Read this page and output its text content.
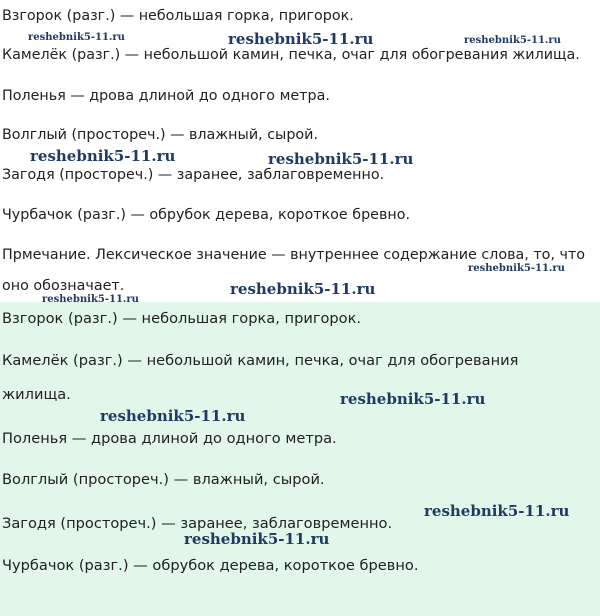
Взгорок (разг.) — небольшая горка, пригорок.
Камелёк (разг.) — небольшой камин, печка, очаг для обогревания жилища.
Поленья — дрова длиной до одного метра.
Волглый (простореч.) — влажный, сырой.
Загодя (простореч.) — заранее, заблаговременно.
Чурбачок (разг.) — обрубок дерева, короткое бревно.
Прмечание. Лексическое значение — внутреннее содержание слова, то, что
оно обозначает.
Взгорок (разг.) — небольшая горка, пригорок.
Камелёк (разг.) — небольшой камин, печка, очаг для обогревания
жилища.
Поленья — дрова длиной до одного метра.
Волглый (простореч.) — влажный, сырой.
Загодя (простореч.) — заранее, заблаговременно.
Чурбачок (разг.) — обрубок дерева, короткое бревно.
reshebnik5-11.ru	reshebnik5-11.ru	reshebnik5-11.ru
reshebnik5-11.ru	reshebnik5-11.ru
reshebnik5-11.ru
reshebnik5-11.ru
reshebnik5-11.ru
reshebnik5-11.ru
reshebnik5-11.ru
reshebnik5-11.ru
reshebnik5-11.ru
